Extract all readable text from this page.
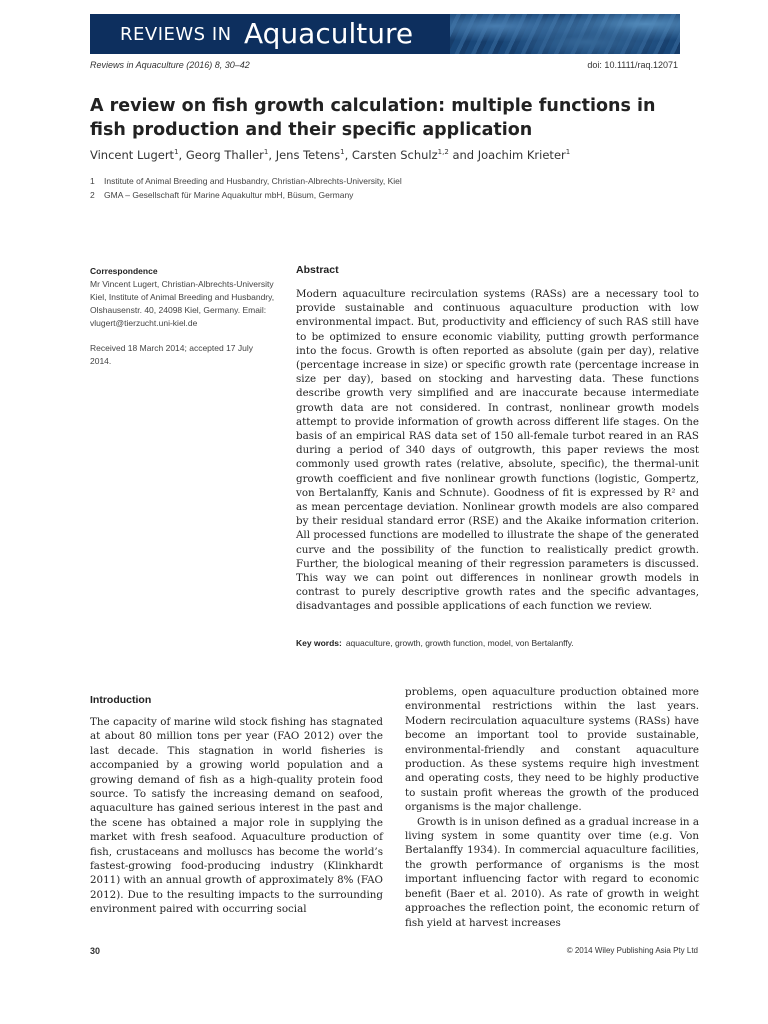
REVIEWS IN Aquaculture
Reviews in Aquaculture (2016) 8, 30–42	doi: 10.1111/raq.12071
A review on fish growth calculation: multiple functions in fish production and their specific application
Vincent Lugert$^1$, Georg Thaller$^1$, Jens Tetens$^1$, Carsten Schulz$^{1,2}$ and Joachim Krieter$^1$
1 Institute of Animal Breeding and Husbandry, Christian-Albrechts-University, Kiel
2 GMA – Gesellschaft für Marine Aquakultur mbH, Büsum, Germany
Correspondence
Mr Vincent Lugert, Christian-Albrechts-University Kiel, Institute of Animal Breeding and Husbandry, Olshausenstr. 40, 24098 Kiel, Germany. Email: vlugert@tierzucht.uni-kiel.de
Received 18 March 2014; accepted 17 July 2014.
Abstract

Modern aquaculture recirculation systems (RASs) are a necessary tool to provide sustainable and continuous aquaculture production with low environmental impact. But, productivity and efficiency of such RAS still have to be optimized to ensure economic viability, putting growth performance into the focus. Growth is often reported as absolute (gain per day), relative (percentage increase in size) or specific growth rate (percentage increase in size per day), based on stocking and harvesting data. These functions describe growth very simplified and are inaccurate because intermediate growth data are not considered. In contrast, nonlinear growth models attempt to provide information of growth across different life stages. On the basis of an empirical RAS data set of 150 all-female turbot reared in an RAS during a period of 340 days of outgrowth, this paper reviews the most commonly used growth rates (relative, absolute, specific), the thermal-unit growth coefficient and five nonlinear growth functions (logistic, Gompertz, von Bertalanffy, Kanis and Schnute). Goodness of fit is expressed by R² and as mean percentage deviation. Nonlinear growth models are also compared by their residual standard error (RSE) and the Akaike information criterion. All processed functions are modelled to illustrate the shape of the generated curve and the possibility of the function to realistically predict growth. Further, the biological meaning of their regression parameters is discussed. This way we can point out differences in nonlinear growth models in contrast to purely descriptive growth rates and the specific advantages, disadvantages and possible applications of each function we review.

Key words: aquaculture, growth, growth function, model, von Bertalanffy.
Introduction

The capacity of marine wild stock fishing has stagnated at about 80 million tons per year (FAO 2012) over the last decade. This stagnation in world fisheries is accompanied by a growing world population and a growing demand of fish as a high-quality protein food source. To satisfy the increasing demand on seafood, aquaculture has gained serious interest in the past and the scene has obtained a major role in supplying the market with fresh seafood. Aquaculture production of fish, crustaceans and molluscs has become the world’s fastest-growing food-producing industry (Klinkhardt 2011) with an annual growth of approximately 8% (FAO 2012). Due to the resulting impacts to the surrounding environment paired with occurring social

problems, open aquaculture production obtained more environmental restrictions within the last years. Modern recirculation aquaculture systems (RASs) have become an important tool to provide sustainable, environmental-friendly and constant aquaculture production. As these systems require high investment and operating costs, they need to be highly productive to sustain profit whereas the growth of the produced organisms is the major challenge.
Growth is in unison defined as a gradual increase in a living system in some quantity over time (e.g. Von Bertalanffy 1934). In commercial aquaculture facilities, the growth performance of organisms is the most important influencing factor with regard to economic benefit (Baer et al. 2010). As rate of growth in weight approaches the reflection point, the economic return of fish yield at harvest increases
30	© 2014 Wiley Publishing Asia Pty Ltd
